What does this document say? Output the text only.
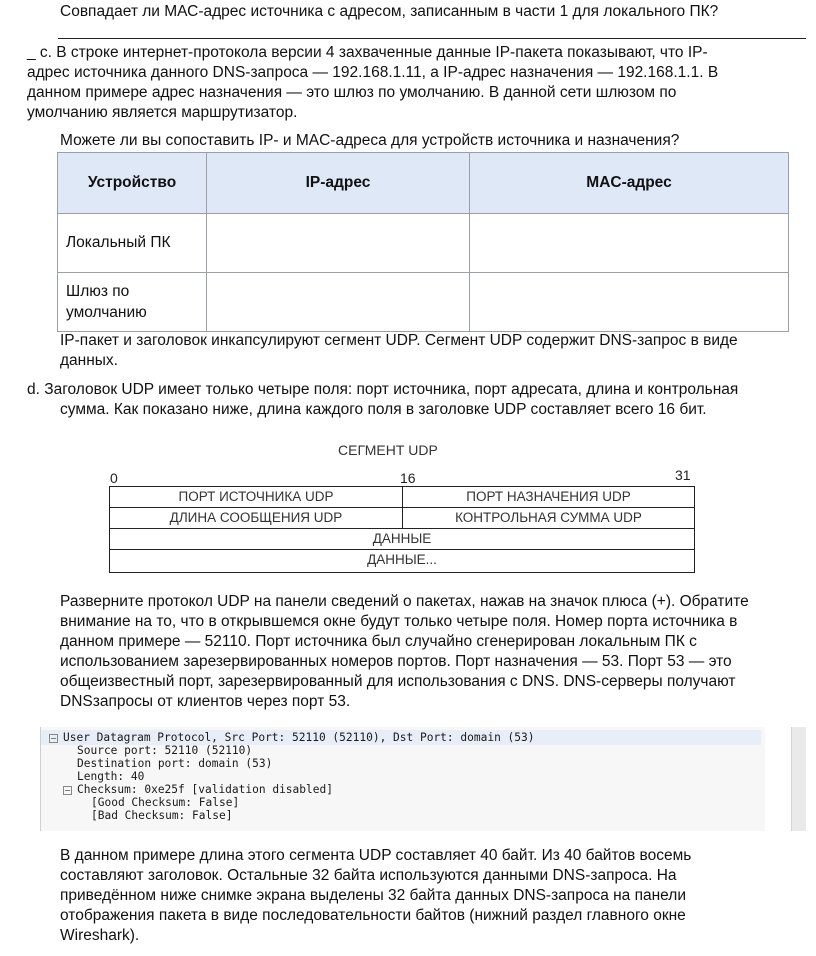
Совпадает ли МАС-адрес источника с адресом, записанным в части 1 для локального ПК?
_ c. В строке интернет-протокола версии 4 захваченные данные IP-пакета показывают, что IP-
адрес источника данного DNS-запроса — 192.168.1.11, а IP-адрес назначения — 192.168.1.1. В
данном примере адрес назначения — это шлюз по умолчанию. В данной сети шлюзом по
умолчанию является маршрутизатор.
Можете ли вы сопоставить IP- и MAC-адреса для устройств источника и назначения?
Устройство	IP-адрес	MAC-адрес
Локальный ПК		

Шлюз по
умолчанию		

IP-пакет и заголовок инкапсулируют сегмент UDP. Сегмент UDP содержит DNS-запрос в виде
данных.
d. Заголовок UDP имеет только четыре поля: порт источника, порт адресата, длина и контрольная
сумма. Как показано ниже, длина каждого поля в заголовке UDP составляет всего 16 бит.
СЕГМЕНТ UDP
0	16	31
ПОРТ ИСТОЧНИКА UDP	ПОРТ НАЗНАЧЕНИЯ UDP
ДЛИНА СООБЩЕНИЯ UDP	КОНТРОЛЬНАЯ СУММА UDP
ДАННЫЕ
ДАННЫЕ...
Разверните протокол UDP на панели сведений о пакетах, нажав на значок плюса (+). Обратите
внимание на то, что в открывшемся окне будут только четыре поля. Номер порта источника в
данном примере — 52110. Порт источника был случайно сгенерирован локальным ПК с
использованием зарезервированных номеров портов. Порт назначения — 53. Порт 53 — это
общеизвестный порт, зарезервированный для использования с DNS. DNS-серверы получают
DNSзапросы от клиентов через порт 53.
− User Datagram Protocol, Src Port: 52110 (52110), Dst Port: domain (53)
Source port: 52110 (52110)
Destination port: domain (53)
Length: 40
− Checksum: 0xe25f [validation disabled]
[Good Checksum: False]
[Bad Checksum: False]
В данном примере длина этого сегмента UDP составляет 40 байт. Из 40 байтов восемь
составляют заголовок. Остальные 32 байта используются данными DNS-запроса. На
приведённом ниже снимке экрана выделены 32 байта данных DNS-запроса на панели
отображения пакета в виде последовательности байтов (нижний раздел главного окне
Wireshark).
